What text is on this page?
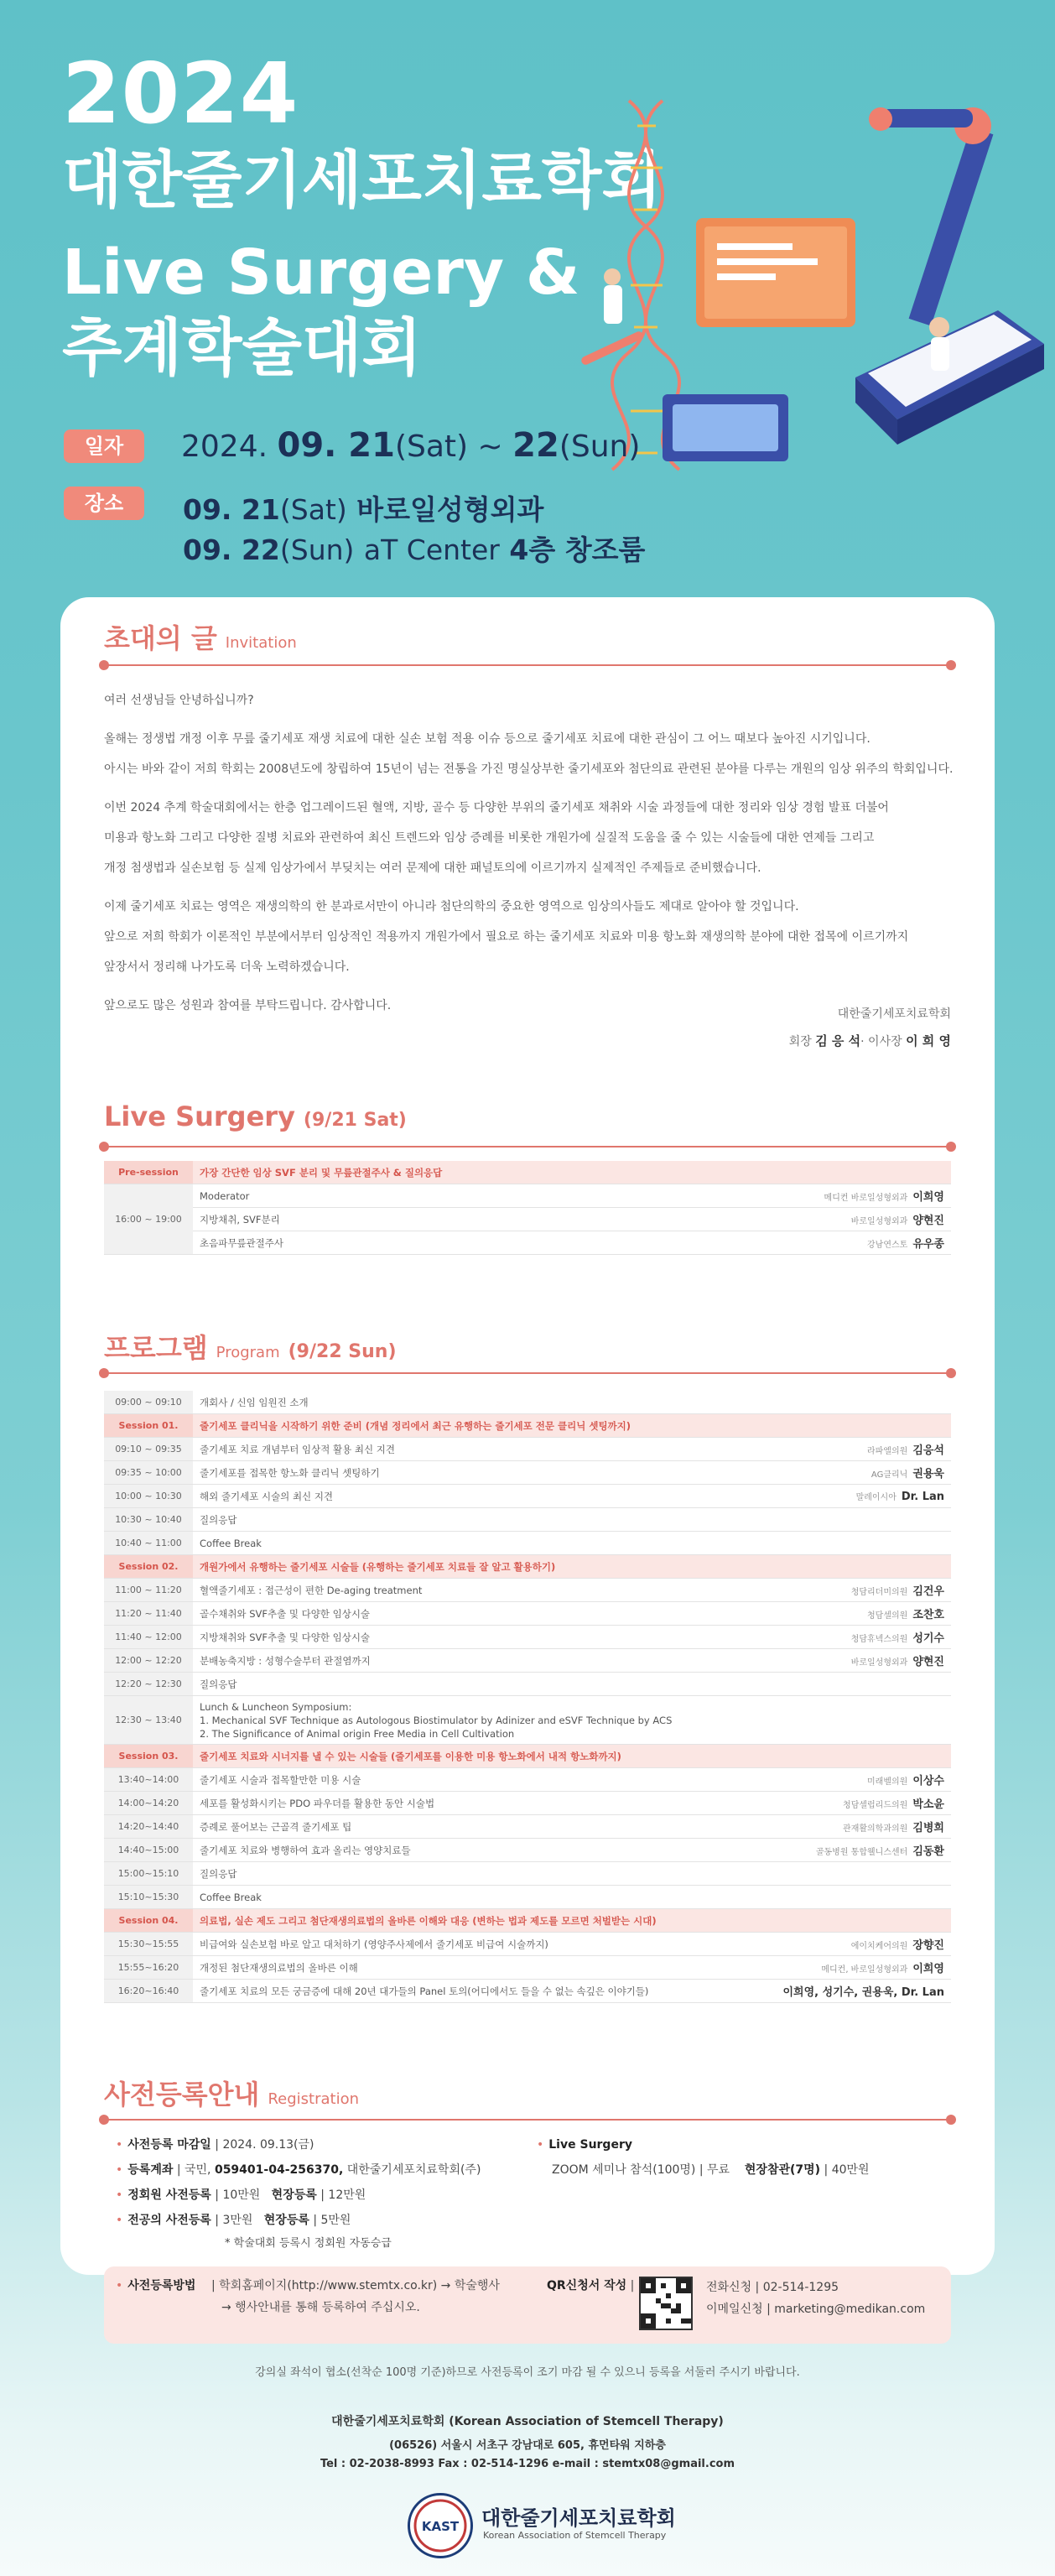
2024
대한줄기세포치료학회
Live Surgery &
추계학술대회
일자	2024. 09. 21(Sat) ~ 22(Sun)
장소	09. 21(Sat) 바로일성형외과
09. 22(Sun) aT Center 4층 창조룸
초대의 글 Invitation

여러 선생님들 안녕하십니까?

올해는 정생법 개정 이후 무릎 줄기세포 재생 치료에 대한 실손 보험 적용 이슈 등으로 줄기세포 치료에 대한 관심이 그 어느 때보다 높아진 시기입니다.

아시는 바와 같이 저희 학회는 2008년도에 창립하여 15년이 넘는 전통을 가진 명실상부한 줄기세포와 첨단의료 관련된 분야를 다루는 개원의 임상 위주의 학회입니다.

이번 2024 추계 학술대회에서는 한층 업그레이드된 혈액, 지방, 골수 등 다양한 부위의 줄기세포 채취와 시술 과정들에 대한 정리와 임상 경험 발표 더불어

미용과 항노화 그리고 다양한 질병 치료와 관련하여 최신 트렌드와 임상 증례를 비롯한 개원가에 실질적 도움을 줄 수 있는 시술들에 대한 연제들 그리고

개정 첨생법과 실손보험 등 실제 임상가에서 부딪치는 여러 문제에 대한 패널토의에 이르기까지 실제적인 주제들로 준비했습니다.

이제 줄기세포 치료는 영역은 재생의학의 한 분과로서만이 아니라 첨단의학의 중요한 영역으로 임상의사들도 제대로 알아야 할 것입니다.

앞으로 저희 학회가 이론적인 부분에서부터 임상적인 적용까지 개원가에서 필요로 하는 줄기세포 치료와 미용 항노화 재생의학 분야에 대한 접목에 이르기까지

앞장서서 정리해 나가도록 더욱 노력하겠습니다.

앞으로도 많은 성원과 참여를 부탁드립니다. 감사합니다.

대한줄기세포치료학회
회장 김 응 석· 이사장 이 희 영
Live Surgery (9/21 Sat)
Pre-session	가장 간단한 임상 SVF 분리 및 무릎관절주사 & 질의응답	
16:00 ~ 19:00	Moderator	메디컨 바로일성형외과 이희영
	지방채취, SVF분리	바로일성형외과 양현진
	초음파무릎관절주사	강남연스토 유우종
프로그램 Program (9/22 Sun)
09:00 ~ 09:10	개회사 / 신임 임원진 소개	
Session 01.	줄기세포 클리닉을 시작하기 위한 준비 (개념 정리에서 최근 유행하는 줄기세포 전문 클리닉 셋팅까지)	
09:10 ~ 09:35	줄기세포 치료 개념부터 임상적 활용 최신 지견	라파엘의원 김응석
09:35 ~ 10:00	줄기세포를 접목한 항노화 클리닉 셋팅하기	AG클리닉 권용욱
10:00 ~ 10:30	해외 줄기세포 시술의 최신 지견	말레이시아 Dr. Lan
10:30 ~ 10:40	질의응답	
10:40 ~ 11:00	Coffee Break	
Session 02.	개원가에서 유행하는 줄기세포 시술들 (유행하는 줄기세포 치료들 잘 알고 활용하기)	
11:00 ~ 11:20	혈액줄기세포 : 접근성이 편한 De-aging treatment	청담리더미의원 김건우
11:20 ~ 11:40	골수채취와 SVF추출 및 다양한 임상시술	청담셀의원 조찬호
11:40 ~ 12:00	지방채취와 SVF추출 및 다양한 임상시술	청담휴넥스의원 성기수
12:00 ~ 12:20	분배농축지방 : 성형수술부터 관절염까지	바로일성형외과 양현진
12:20 ~ 12:30	질의응답	
12:30 ~ 13:40	Lunch & Luncheon Symposium:
1. Mechanical SVF Technique as Autologous Biostimulator by Adinizer and eSVF Technique by ACS
2. The Significance of Animal origin Free Media in Cell Cultivation	

Session 03.	줄기세포 치료와 시너지를 낼 수 있는 시술들 (줄기세포를 이용한 미용 항노화에서 내적 항노화까지)	
13:40~14:00	줄기세포 시술과 접목할만한 미용 시술	미래벨의원 이상수
14:00~14:20	세포를 활성화시키는 PDO 파우더를 활용한 동안 시술법	청담셀럽리드의원 박소윤
14:20~14:40	증례로 풀어보는 근골격 줄기세포 팁	관재활의학과의원 김병희
14:40~15:00	줄기세포 치료와 병행하여 효과 올리는 영양치료들	골동병원 통합웰니스센터 김동환
15:00~15:10	질의응답	
15:10~15:30	Coffee Break	
Session 04.	의료법, 실손 제도 그리고 첨단재생의료법의 올바른 이해와 대응 (변하는 법과 제도를 모르면 처벌받는 시대)	
15:30~15:55	비급여와 실손보험 바로 알고 대처하기 (영양주사제에서 줄기세포 비급여 시술까지)	에이치케어의원 장향진
15:55~16:20	개정된 첨단재생의료법의 올바른 이해	메디컨, 바로일성형외과 이희영
16:20~16:40	줄기세포 치료의 모든 궁금증에 대해 20년 대가들의 Panel 토의(어디에서도 들을 수 없는 속깊은 이야기들)	이희영, 성기수, 권용욱, Dr. Lan
사전등록안내 Registration
• 사전등록 마감일 | 2024. 09.13(금)
• 등록계좌 | 국민, 059401-04-256370, 대한줄기세포치료학회(주)
• 정회원 사전등록 | 10만원 현장등록 | 12만원
• 전공의 사전등록 | 3만원 현장등록 | 5만원
* 학술대회 등록시 정회원 자동승급
• Live Surgery
ZOOM 세미나 참석(100명) | 무료 현장참관(7명) | 40만원
• 사전등록방법 | 학회홈페이지(http://www.stemtx.co.kr) → 학술행사
→ 행사안내를 통해 등록하여 주십시오.
QR신청서 작성 |	전화신청 | 02-514-1295
이메일신청 | marketing@medikan.com
강의실 좌석이 협소(선착순 100명 기준)하므로 사전등록이 조기 마감 될 수 있으니 등록을 서둘러 주시기 바랍니다.
대한줄기세포치료학회 (Korean Association of Stemcell Therapy)
(06526) 서울시 서초구 강남대로 605, 휴먼타워 지하층
Tel : 02-2038-8993 Fax : 02-514-1296 e-mail : stemtx08@gmail.com
KAST 대한줄기세포치료학회
Korean Association of Stemcell Therapy
